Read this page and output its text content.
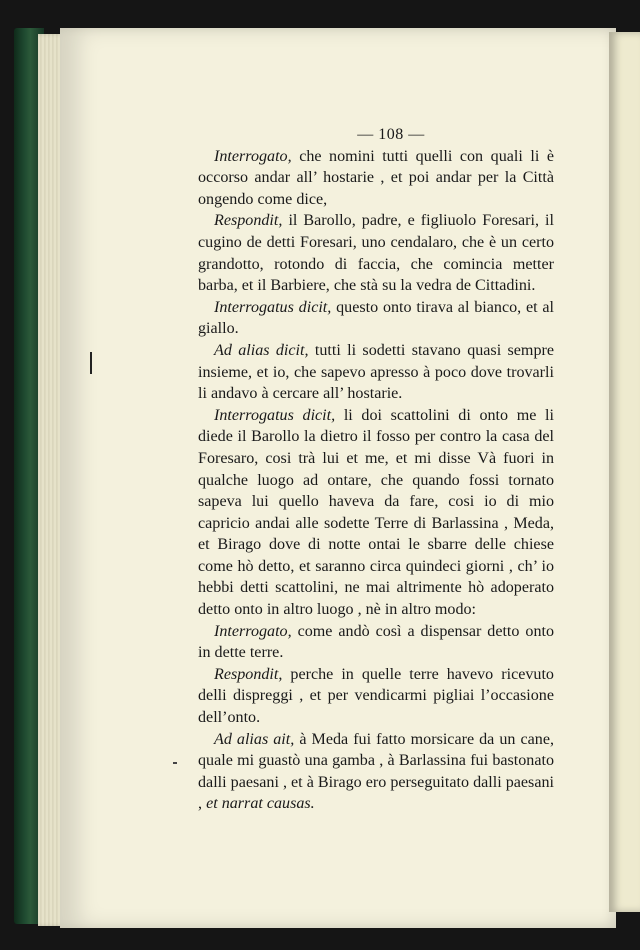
— 108 —

Interrogato, che nomini tutti quelli con quali li è occorso andar all’ hostarie , et poi andar per la Città ongendo come dice,

Respondit, il Barollo, padre, e figliuolo Foresari, il cugino de detti Foresari, uno cendalaro, che è un certo grandotto, rotondo di faccia, che comincia metter barba, et il Barbiere, che stà su la vedra de Cittadini.

Interrogatus dicit, questo onto tirava al bianco, et al giallo.

Ad alias dicit, tutti li sodetti stavano quasi sempre insieme, et io, che sapevo apresso à poco dove trovarli li andavo à cercare all’ hostarie.

Interrogatus dicit, li doi scattolini di onto me li diede il Barollo la dietro il fosso per contro la casa del Foresaro, cosi trà lui et me, et mi disse Và fuori in qualche luogo ad ontare, che quando fossi tornato sapeva lui quello haveva da fare, cosi io di mio capricio andai alle sodette Terre di Barlassina , Meda, et Birago dove di notte ontai le sbarre delle chiese come hò detto, et saranno circa quindeci giorni , ch’ io hebbi detti scattolini, ne mai altrimente hò adoperato detto onto in altro luogo , nè in altro modo:

Interrogato, come andò così a dispensar detto onto in dette terre.

Respondit, perche in quelle terre havevo ricevuto delli dispreggi , et per vendicarmi pigliai l’occasione dell’onto.

Ad alias ait, à Meda fui fatto morsicare da un cane, quale mi guastò una gamba , à Barlassina fui bastonato dalli paesani , et à Birago ero perseguitato dalli paesani , et narrat causas.
